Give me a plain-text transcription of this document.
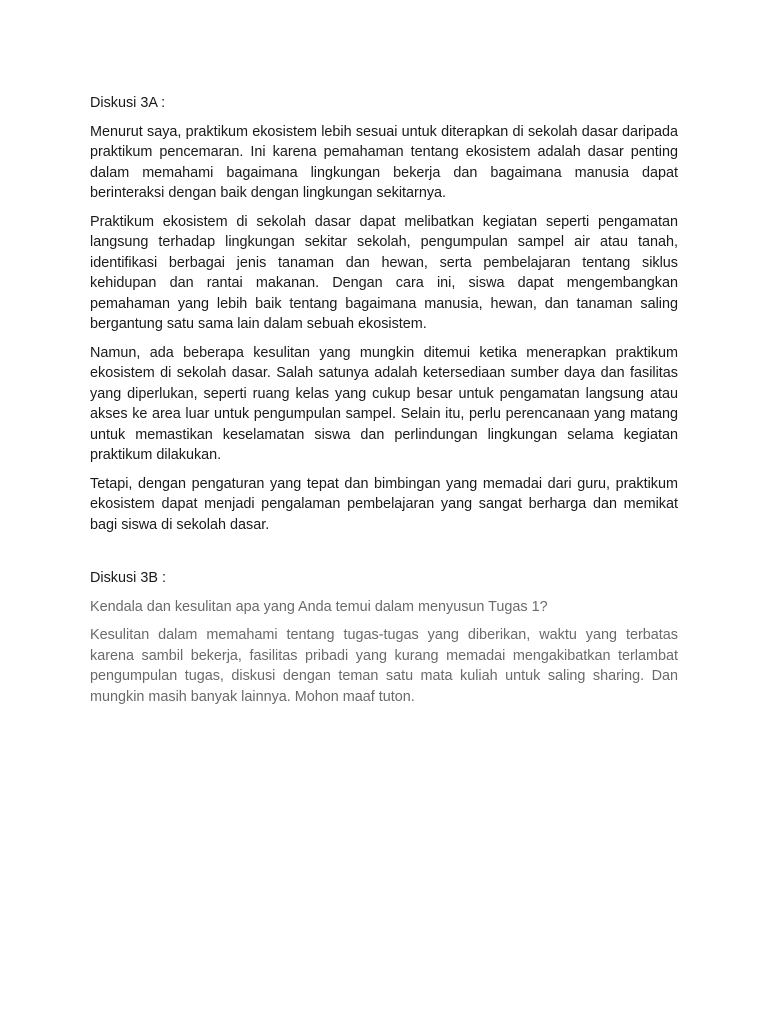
Diskusi 3A :

Menurut saya, praktikum ekosistem lebih sesuai untuk diterapkan di sekolah dasar daripada praktikum pencemaran. Ini karena pemahaman tentang ekosistem adalah dasar penting dalam memahami bagaimana lingkungan bekerja dan bagaimana manusia dapat berinteraksi dengan baik dengan lingkungan sekitarnya.

Praktikum ekosistem di sekolah dasar dapat melibatkan kegiatan seperti pengamatan langsung terhadap lingkungan sekitar sekolah, pengumpulan sampel air atau tanah, identifikasi berbagai jenis tanaman dan hewan, serta pembelajaran tentang siklus kehidupan dan rantai makanan. Dengan cara ini, siswa dapat mengembangkan pemahaman yang lebih baik tentang bagaimana manusia, hewan, dan tanaman saling bergantung satu sama lain dalam sebuah ekosistem.

Namun, ada beberapa kesulitan yang mungkin ditemui ketika menerapkan praktikum ekosistem di sekolah dasar. Salah satunya adalah ketersediaan sumber daya dan fasilitas yang diperlukan, seperti ruang kelas yang cukup besar untuk pengamatan langsung atau akses ke area luar untuk pengumpulan sampel. Selain itu, perlu perencanaan yang matang untuk memastikan keselamatan siswa dan perlindungan lingkungan selama kegiatan praktikum dilakukan.

Tetapi, dengan pengaturan yang tepat dan bimbingan yang memadai dari guru, praktikum ekosistem dapat menjadi pengalaman pembelajaran yang sangat berharga dan memikat bagi siswa di sekolah dasar.

Diskusi 3B :

Kendala dan kesulitan apa yang Anda temui dalam menyusun Tugas 1?

Kesulitan dalam memahami tentang tugas-tugas yang diberikan, waktu yang terbatas karena sambil bekerja, fasilitas pribadi yang kurang memadai mengakibatkan terlambat pengumpulan tugas, diskusi dengan teman satu mata kuliah untuk saling sharing. Dan mungkin masih banyak lainnya. Mohon maaf tuton.
